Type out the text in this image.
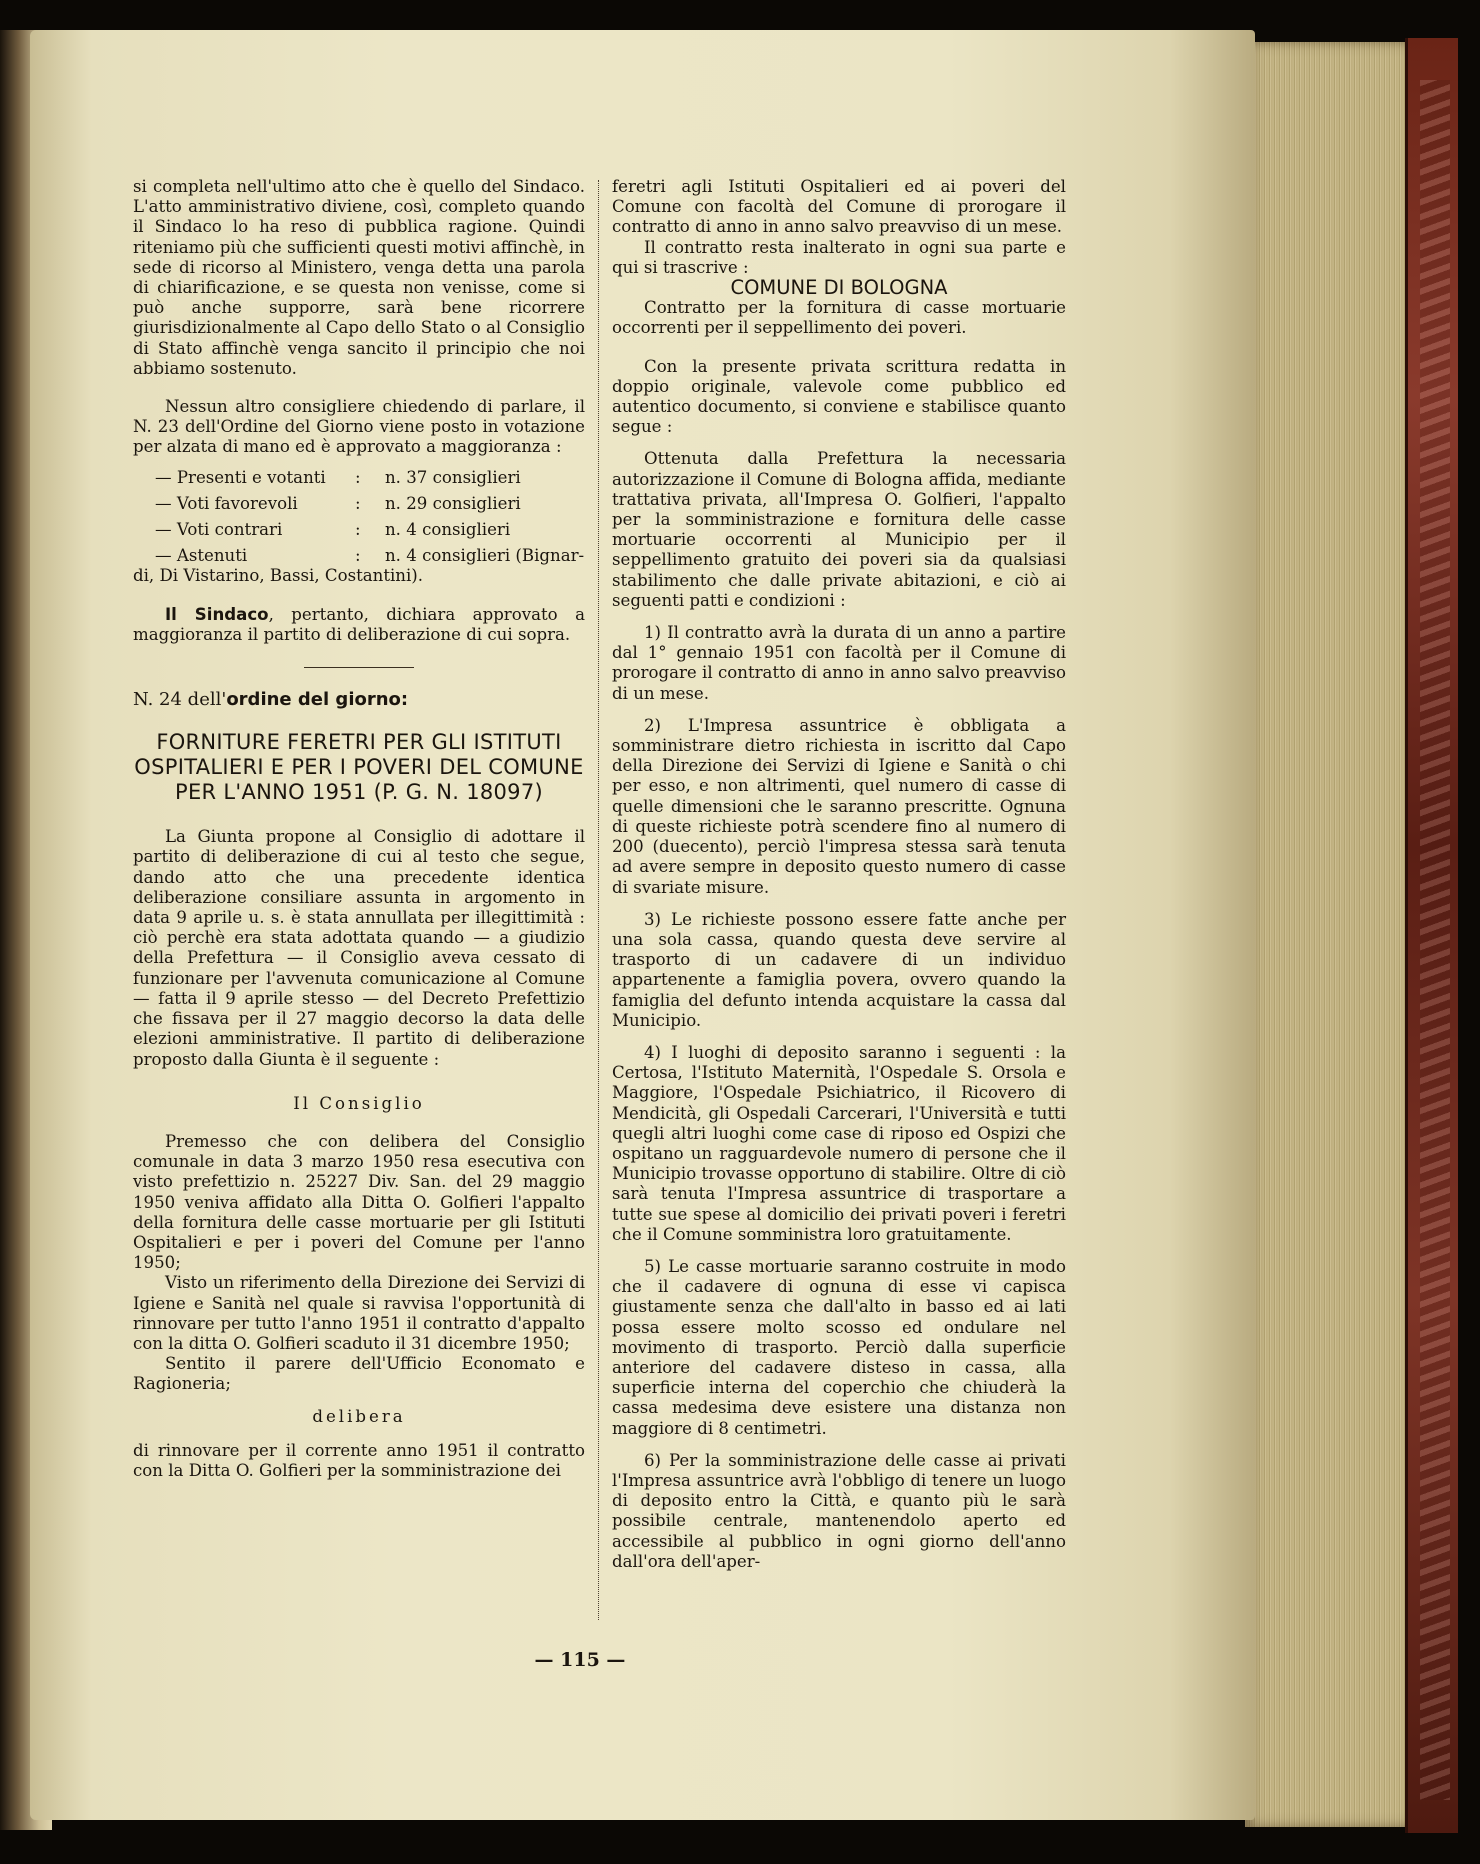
si completa nell'ultimo atto che è quello del Sindaco. L'atto amministrativo diviene, così, completo quando il Sindaco lo ha reso di pubblica ragione. Quindi riteniamo più che sufficienti questi motivi affinchè, in sede di ricorso al Ministero, venga detta una parola di chiarificazione, e se questa non venisse, come si può anche supporre, sarà bene ricorrere giurisdizionalmente al Capo dello Stato o al Consiglio di Stato affinchè venga sancito il principio che noi abbiamo sostenuto.

Nessun altro consigliere chiedendo di parlare, il N. 23 dell'Ordine del Giorno viene posto in votazione per alzata di mano ed è approvato a maggioranza :

— Presenti e votanti	:	n. 37 consiglieri
— Voti favorevoli	:	n. 29 consiglieri
— Voti contrari	:	n. 4 consiglieri
— Astenuti	:	n. 4 consiglieri (Bignar-

di, Di Vistarino, Bassi, Costantini).

Il Sindaco, pertanto, dichiara approvato a maggioranza il partito di deliberazione di cui sopra.

N. 24 dell'ordine del giorno:

FORNITURE FERETRI PER GLI ISTITUTI OSPITALIERI E PER I POVERI DEL COMUNE PER L'ANNO 1951 (P. G. N. 18097)

La Giunta propone al Consiglio di adottare il partito di deliberazione di cui al testo che segue, dando atto che una precedente identica deliberazione consiliare assunta in argomento in data 9 aprile u. s. è stata annullata per illegittimità : ciò perchè era stata adottata quando — a giudizio della Prefettura — il Consiglio aveva cessato di funzionare per l'avvenuta comunicazione al Comune — fatta il 9 aprile stesso — del Decreto Prefettizio che fissava per il 27 maggio decorso la data delle elezioni amministrative. Il partito di deliberazione proposto dalla Giunta è il seguente :

Il Consiglio

Premesso che con delibera del Consiglio comunale in data 3 marzo 1950 resa esecutiva con visto prefettizio n. 25227 Div. San. del 29 maggio 1950 veniva affidato alla Ditta O. Golfieri l'appalto della fornitura delle casse mortuarie per gli Istituti Ospitalieri e per i poveri del Comune per l'anno 1950;

Visto un riferimento della Direzione dei Servizi di Igiene e Sanità nel quale si ravvisa l'opportunità di rinnovare per tutto l'anno 1951 il contratto d'appalto con la ditta O. Golfieri scaduto il 31 dicembre 1950;

Sentito il parere dell'Ufficio Economato e Ragioneria;

delibera

di rinnovare per il corrente anno 1951 il contratto con la Ditta O. Golfieri per la somministrazione dei

feretri agli Istituti Ospitalieri ed ai poveri del Comune con facoltà del Comune di prorogare il contratto di anno in anno salvo preavviso di un mese.

Il contratto resta inalterato in ogni sua parte e qui si trascrive :

COMUNE DI BOLOGNA

Contratto per la fornitura di casse mortuarie occorrenti per il seppellimento dei poveri.

Con la presente privata scrittura redatta in doppio originale, valevole come pubblico ed autentico documento, si conviene e stabilisce quanto segue :

Ottenuta dalla Prefettura la necessaria autorizzazione il Comune di Bologna affida, mediante trattativa privata, all'Impresa O. Golfieri, l'appalto per la somministrazione e fornitura delle casse mortuarie occorrenti al Municipio per il seppellimento gratuito dei poveri sia da qualsiasi stabilimento che dalle private abitazioni, e ciò ai seguenti patti e condizioni :

1) Il contratto avrà la durata di un anno a partire dal 1° gennaio 1951 con facoltà per il Comune di prorogare il contratto di anno in anno salvo preavviso di un mese.

2) L'Impresa assuntrice è obbligata a somministrare dietro richiesta in iscritto dal Capo della Direzione dei Servizi di Igiene e Sanità o chi per esso, e non altrimenti, quel numero di casse di quelle dimensioni che le saranno prescritte. Ognuna di queste richieste potrà scendere fino al numero di 200 (duecento), perciò l'impresa stessa sarà tenuta ad avere sempre in deposito questo numero di casse di svariate misure.

3) Le richieste possono essere fatte anche per una sola cassa, quando questa deve servire al trasporto di un cadavere di un individuo appartenente a famiglia povera, ovvero quando la famiglia del defunto intenda acquistare la cassa dal Municipio.

4) I luoghi di deposito saranno i seguenti : la Certosa, l'Istituto Maternità, l'Ospedale S. Orsola e Maggiore, l'Ospedale Psichiatrico, il Ricovero di Mendicità, gli Ospedali Carcerari, l'Università e tutti quegli altri luoghi come case di riposo ed Ospizi che ospitano un ragguardevole numero di persone che il Municipio trovasse opportuno di stabilire. Oltre di ciò sarà tenuta l'Impresa assuntrice di trasportare a tutte sue spese al domicilio dei privati poveri i feretri che il Comune somministra loro gratuitamente.

5) Le casse mortuarie saranno costruite in modo che il cadavere di ognuna di esse vi capisca giustamente senza che dall'alto in basso ed ai lati possa essere molto scosso ed ondulare nel movimento di trasporto. Perciò dalla superficie anteriore del cadavere disteso in cassa, alla superficie interna del coperchio che chiuderà la cassa medesima deve esistere una distanza non maggiore di 8 centimetri.

6) Per la somministrazione delle casse ai privati l'Impresa assuntrice avrà l'obbligo di tenere un luogo di deposito entro la Città, e quanto più le sarà possibile centrale, mantenendolo aperto ed accessibile al pubblico in ogni giorno dell'anno dall'ora dell'aper-

— 115 —
